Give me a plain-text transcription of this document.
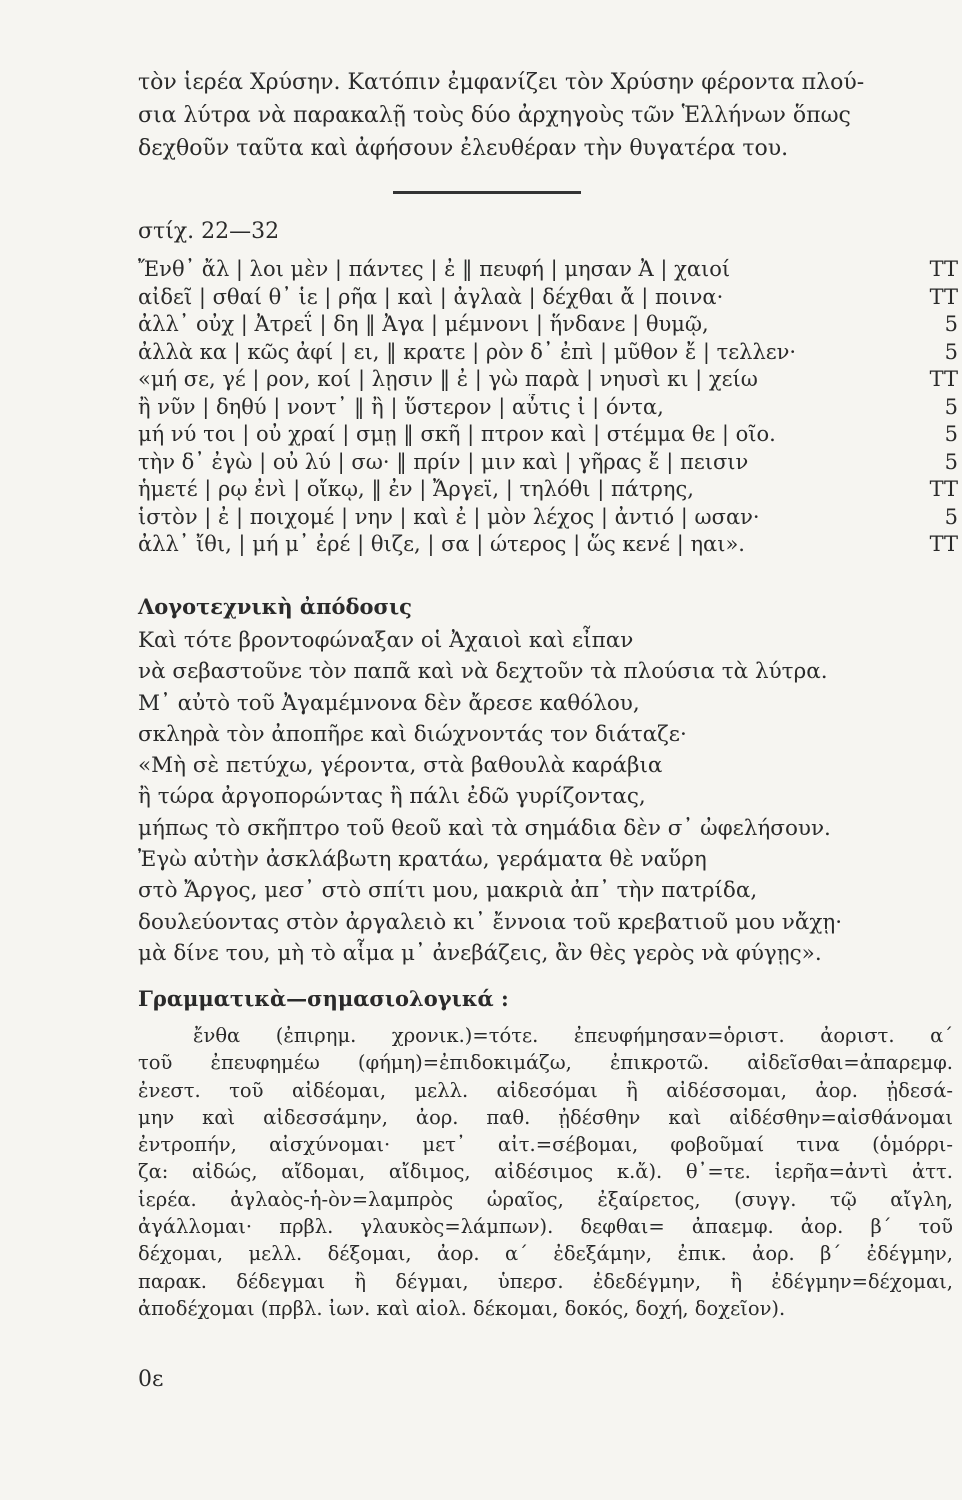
τὸν ἱερέα Χρύσην. Κατόπιν ἐμφανίζει τὸν Χρύσην φέροντα πλού-
σια λύτρα νὰ παρακαλῇ τοὺς δύο ἀρχηγοὺς τῶν Ἑλλήνων ὅπως
δεχθοῦν ταῦτα καὶ ἀφήσουν ἐλευθέραν τὴν θυγατέρα του.
στίχ. 22—32
Ἔνθ᾽ ἄλ | λοι μὲν | πάντες | ἐ ‖ πευφή | μησαν Ἀ | χαιοί	TT
αἰδεῖ | σθαί θ᾽ ἱε | ρῆα | καὶ | ἀγλαὰ | δέχθαι ἄ | ποινα·	TT
ἀλλ᾽ οὐχ | Ἀτρεΐ | δη ‖ Ἀγα | μέμνονι | ἥνδανε | θυμῷ,	5
ἀλλὰ κα | κῶς ἀφί | ει, ‖ κρατε | ρὸν δ᾽ ἐπὶ | μῦθον ἔ | τελλεν·	5
«μή σε, γέ | ρον, κοί | λῃσιν ‖ ἐ | γὼ παρὰ | νηυσὶ κι | χείω	TT
ἢ νῦν | δηθύ | νοντ᾽ ‖ ἢ | ὕστερον | αὖτις ἰ | όντα,	5
μή νύ τοι | οὐ χραί | σμῃ ‖ σκῆ | πτρον καὶ | στέμμα θε | οῖο.	5
τὴν δ᾽ ἐγὼ | οὐ λύ | σω· ‖ πρίν | μιν καὶ | γῆρας ἔ | πεισιν	5
ἡμετέ | ρῳ ἐνὶ | οἴκῳ, ‖ ἐν | Ἄργεϊ, | τηλόθι | πάτρης,	TT
ἱστὸν | ἐ | ποιχομέ | νην | καὶ ἐ | μὸν λέχος | ἀντιό | ωσαν·	5
ἀλλ᾽ ἴθι, | μή μ᾽ ἐρέ | θιζε, | σα | ώτερος | ὥς κενέ | ηαι».	TT
Λογοτεχνικὴ ἀπόδοσις
Καὶ τότε βροντοφώναξαν οἱ Ἀχαιοὶ καὶ εἶπαν
νὰ σεβαστοῦνε τὸν παπᾶ καὶ νὰ δεχτοῦν τὰ πλούσια τὰ λύτρα.
Μ᾽ αὐτὸ τοῦ Ἀγαμέμνονα δὲν ἄρεσε καθόλου,
σκληρὰ τὸν ἀποπῆρε καὶ διώχνοντάς τον διάταζε·
«Μὴ σὲ πετύχω, γέροντα, στὰ βαθουλὰ καράβια
ἢ τώρα ἀργοπορώντας ἢ πάλι ἐδῶ γυρίζοντας,
μήπως τὸ σκῆπτρο τοῦ θεοῦ καὶ τὰ σημάδια δὲν σ᾽ ὠφελήσουν.
Ἐγὼ αὐτὴν ἀσκλάβωτη κρατάω, γεράματα θὲ ναὕρη
στὸ Ἄργος, μεσ᾽ στὸ σπίτι μου, μακριὰ ἀπ᾽ τὴν πατρίδα,
δουλεύοντας στὸν ἀργαλειὸ κι᾽ ἔννοια τοῦ κρεβατιοῦ μου νἄχῃ·
μὰ δίνε του, μὴ τὸ αἷμα μ᾽ ἀνεβάζεις, ἂν θὲς γερὸς νὰ φύγῃς».
Γραμματικὰ—σημασιολογικά :
ἔνθα (ἐπιρημ. χρονικ.)=τότε. ἐπευφήμησαν=ὁριστ. ἀοριστ. α΄
τοῦ ἐπευφημέω (φήμη)=ἐπιδοκιμάζω, ἐπικροτῶ. αἰδεῖσθαι=ἀπαρεμφ.
ἐνεστ. τοῦ αἰδέομαι, μελλ. αἰδεσόμαι ἢ αἰδέσσομαι, ἀορ. ᾐδεσά-
μην καὶ αἰδεσσάμην, ἀορ. παθ. ᾐδέσθην καὶ αἰδέσθην=αἰσθάνομαι
ἐντροπήν, αἰσχύνομαι· μετ᾽ αἰτ.=σέβομαι, φοβοῦμαί τινα (ὁμόρρι-
ζα: αἰδώς, αἴδομαι, αἴδιμος, αἰδέσιμος κ.ἄ). θ᾽=τε. ἱερῆα=ἀντὶ ἀττ.
ἱερέα. ἀγλαὸς-ἡ-ὸν=λαμπρὸς ὡραῖος, ἐξαίρετος, (συγγ. τῷ αἴγλη,
ἀγάλλομαι· πρβλ. γλαυκὸς=λάμπων). δεφθαι= ἀπαεμφ. ἀορ. β΄ τοῦ
δέχομαι, μελλ. δέξομαι, ἀορ. α΄ ἐδεξάμην, ἐπικ. ἀορ. β΄ ἐδέγμην,
παρακ. δέδεγμαι ἢ δέγμαι, ὑπερσ. ἐδεδέγμην, ἢ ἐδέγμην=δέχομαι,
ἀποδέχομαι (πρβλ. ἰων. καὶ αἰολ. δέκομαι, δοκός, δοχή, δοχεῖον).
0ε
